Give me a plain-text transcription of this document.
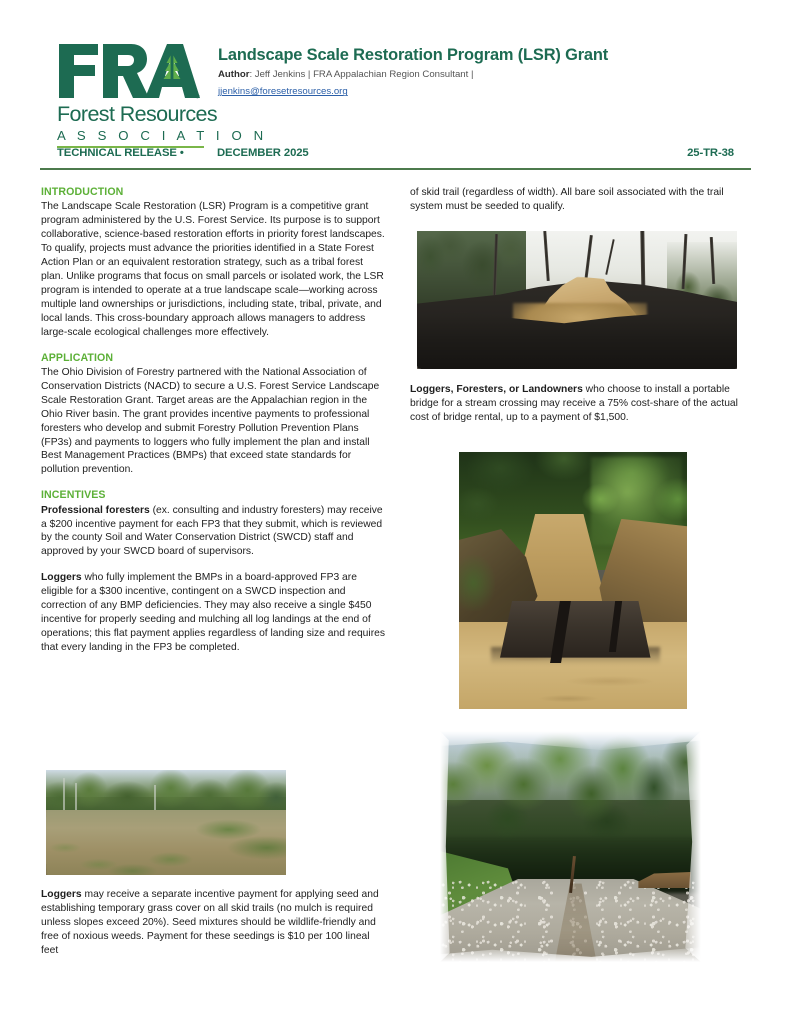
Forest Resources
A S S O C I A T I O N
Landscape Scale Restoration Program (LSR) Grant

Author: Jeff Jenkins | FRA Appalachian Region Consultant |

jjenkins@foresetresources.org
TECHNICAL RELEASE •	DECEMBER 2025	25-TR-38
INTRODUCTION

The Landscape Scale Restoration (LSR) Program is a competitive grant program administered by the U.S. Forest Service. Its purpose is to support collaborative, science-based restoration efforts in priority forest landscapes. To qualify, projects must advance the priorities identified in a State Forest Action Plan or an equivalent restoration strategy, such as a tribal forest plan. Unlike programs that focus on small parcels or isolated work, the LSR program is intended to operate at a true landscape scale—working across multiple land ownerships or jurisdictions, including state, tribal, private, and local lands. This cross-boundary approach allows managers to address large-scale ecological challenges more effectively.

APPLICATION

The Ohio Division of Forestry partnered with the National Association of Conservation Districts (NACD) to secure a U.S. Forest Service Landscape Scale Restoration Grant. Target areas are the Appalachian region in the Ohio River basin. The grant provides incentive payments to professional foresters who develop and submit Forestry Pollution Prevention Plans (FP3s) and payments to loggers who fully implement the plan and install Best Management Practices (BMPs) that exceed state standards for pollution prevention.

INCENTIVES

Professional foresters (ex. consulting and industry foresters) may receive a $200 incentive payment for each FP3 that they submit, which is reviewed by the county Soil and Water Conservation District (SWCD) staff and approved by your SWCD board of supervisors.

Loggers who fully implement the BMPs in a board-approved FP3 are eligible for a $300 incentive, contingent on a SWCD inspection and correction of any BMP deficiencies. They may also receive a single $450 incentive for properly seeding and mulching all log landings at the end of operations; this flat payment applies regardless of landing size and requires that every landing in the FP3 be completed.

Loggers may receive a separate incentive payment for applying seed and establishing temporary grass cover on all skid trails (no mulch is required unless slopes exceed 20%). Seed mixtures should be wildlife-friendly and free of noxious weeds. Payment for these seedings is $10 per 100 lineal feet

of skid trail (regardless of width). All bare soil associated with the trail system must be seeded to qualify.

Loggers, Foresters, or Landowners who choose to install a portable bridge for a stream crossing may receive a 75% cost-share of the actual cost of bridge rental, up to a payment of $1,500.
